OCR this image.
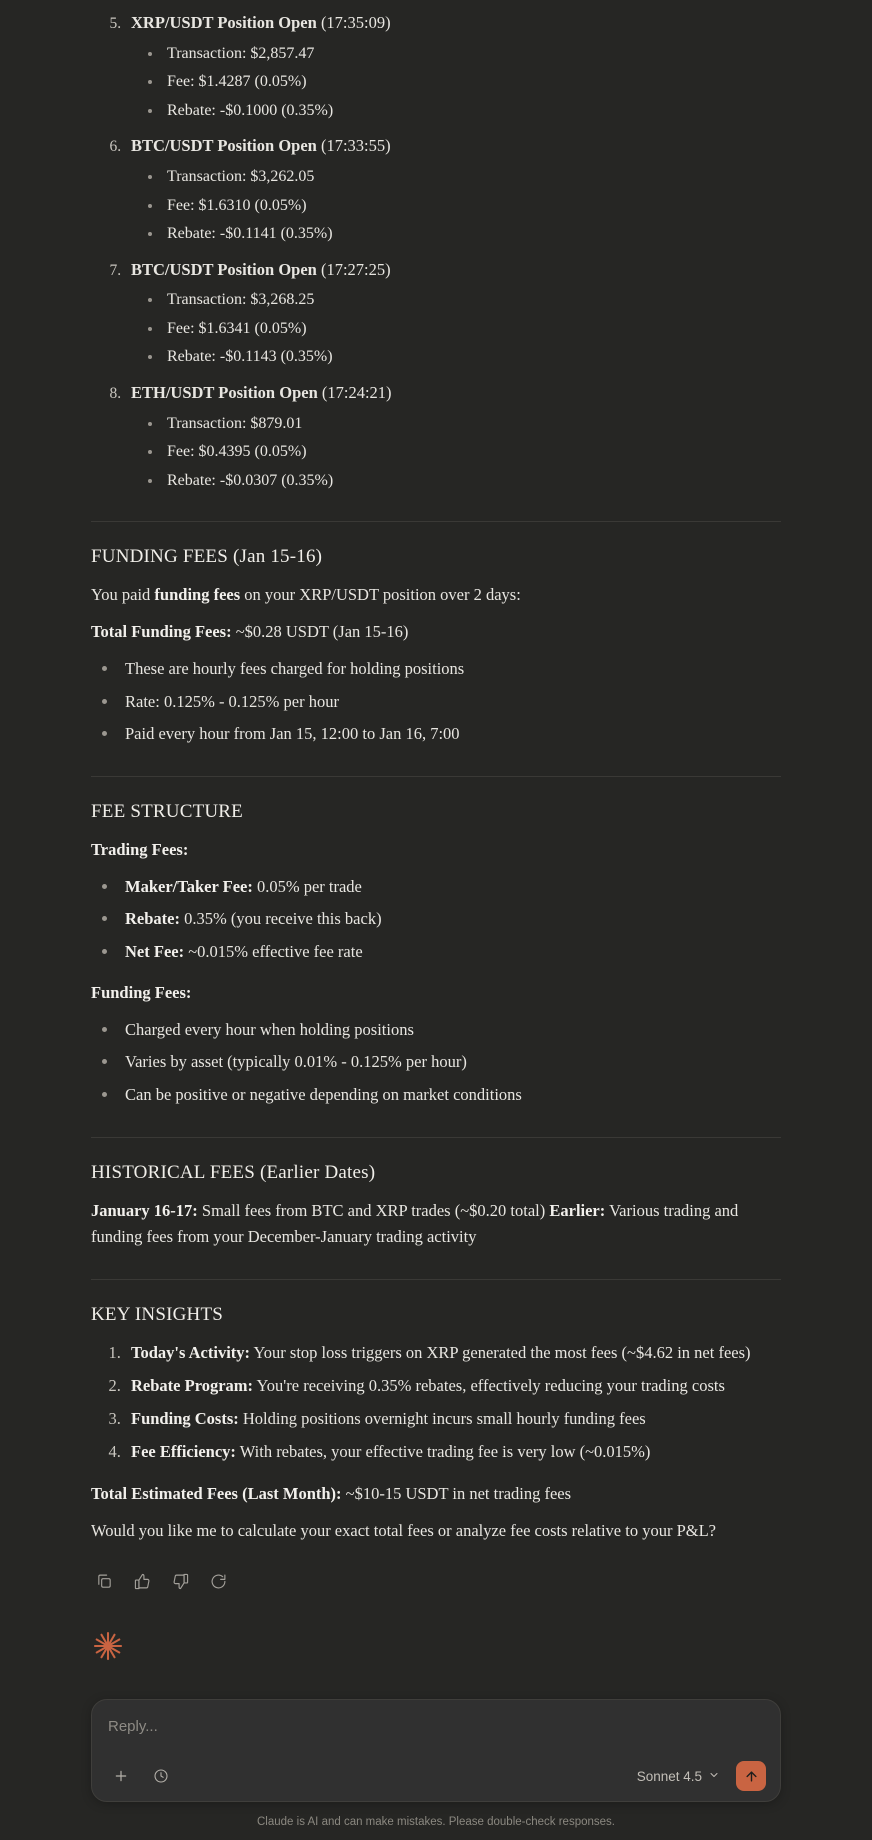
5. XRP/USDT Position Open (17:35:09)
• Transaction: $2,857.47
• Fee: $1.4287 (0.05%)
• Rebate: -$0.1000 (0.35%)
6. BTC/USDT Position Open (17:33:55)
• Transaction: $3,262.05
• Fee: $1.6310 (0.05%)
• Rebate: -$0.1141 (0.35%)
7. BTC/USDT Position Open (17:27:25)
• Transaction: $3,268.25
• Fee: $1.6341 (0.05%)
• Rebate: -$0.1143 (0.35%)
8. ETH/USDT Position Open (17:24:21)
• Transaction: $879.01
• Fee: $0.4395 (0.05%)
• Rebate: -$0.0307 (0.35%)
FUNDING FEES (Jan 15-16)

You paid funding fees on your XRP/USDT position over 2 days:

Total Funding Fees: ~$0.28 USDT (Jan 15-16)

• These are hourly fees charged for holding positions
• Rate: 0.125% - 0.125% per hour
• Paid every hour from Jan 15, 12:00 to Jan 16, 7:00
FEE STRUCTURE

Trading Fees:

• Maker/Taker Fee: 0.05% per trade
• Rebate: 0.35% (you receive this back)
• Net Fee: ~0.015% effective fee rate

Funding Fees:

• Charged every hour when holding positions
• Varies by asset (typically 0.01% - 0.125% per hour)
• Can be positive or negative depending on market conditions
HISTORICAL FEES (Earlier Dates)

January 16-17: Small fees from BTC and XRP trades (~$0.20 total) Earlier: Various trading and funding fees from your December-January trading activity

KEY INSIGHTS
1. Today's Activity: Your stop loss triggers on XRP generated the most fees (~$4.62 in net fees)
2. Rebate Program: You're receiving 0.35% rebates, effectively reducing your trading costs
3. Funding Costs: Holding positions overnight incurs small hourly funding fees
4. Fee Efficiency: With rebates, your effective trading fee is very low (~0.015%)

Total Estimated Fees (Last Month): ~$10-15 USDT in net trading fees

Would you like me to calculate your exact total fees or analyze fee costs relative to your P&L?

Reply...
Sonnet 4.5
Claude is AI and can make mistakes. Please double-check responses.
